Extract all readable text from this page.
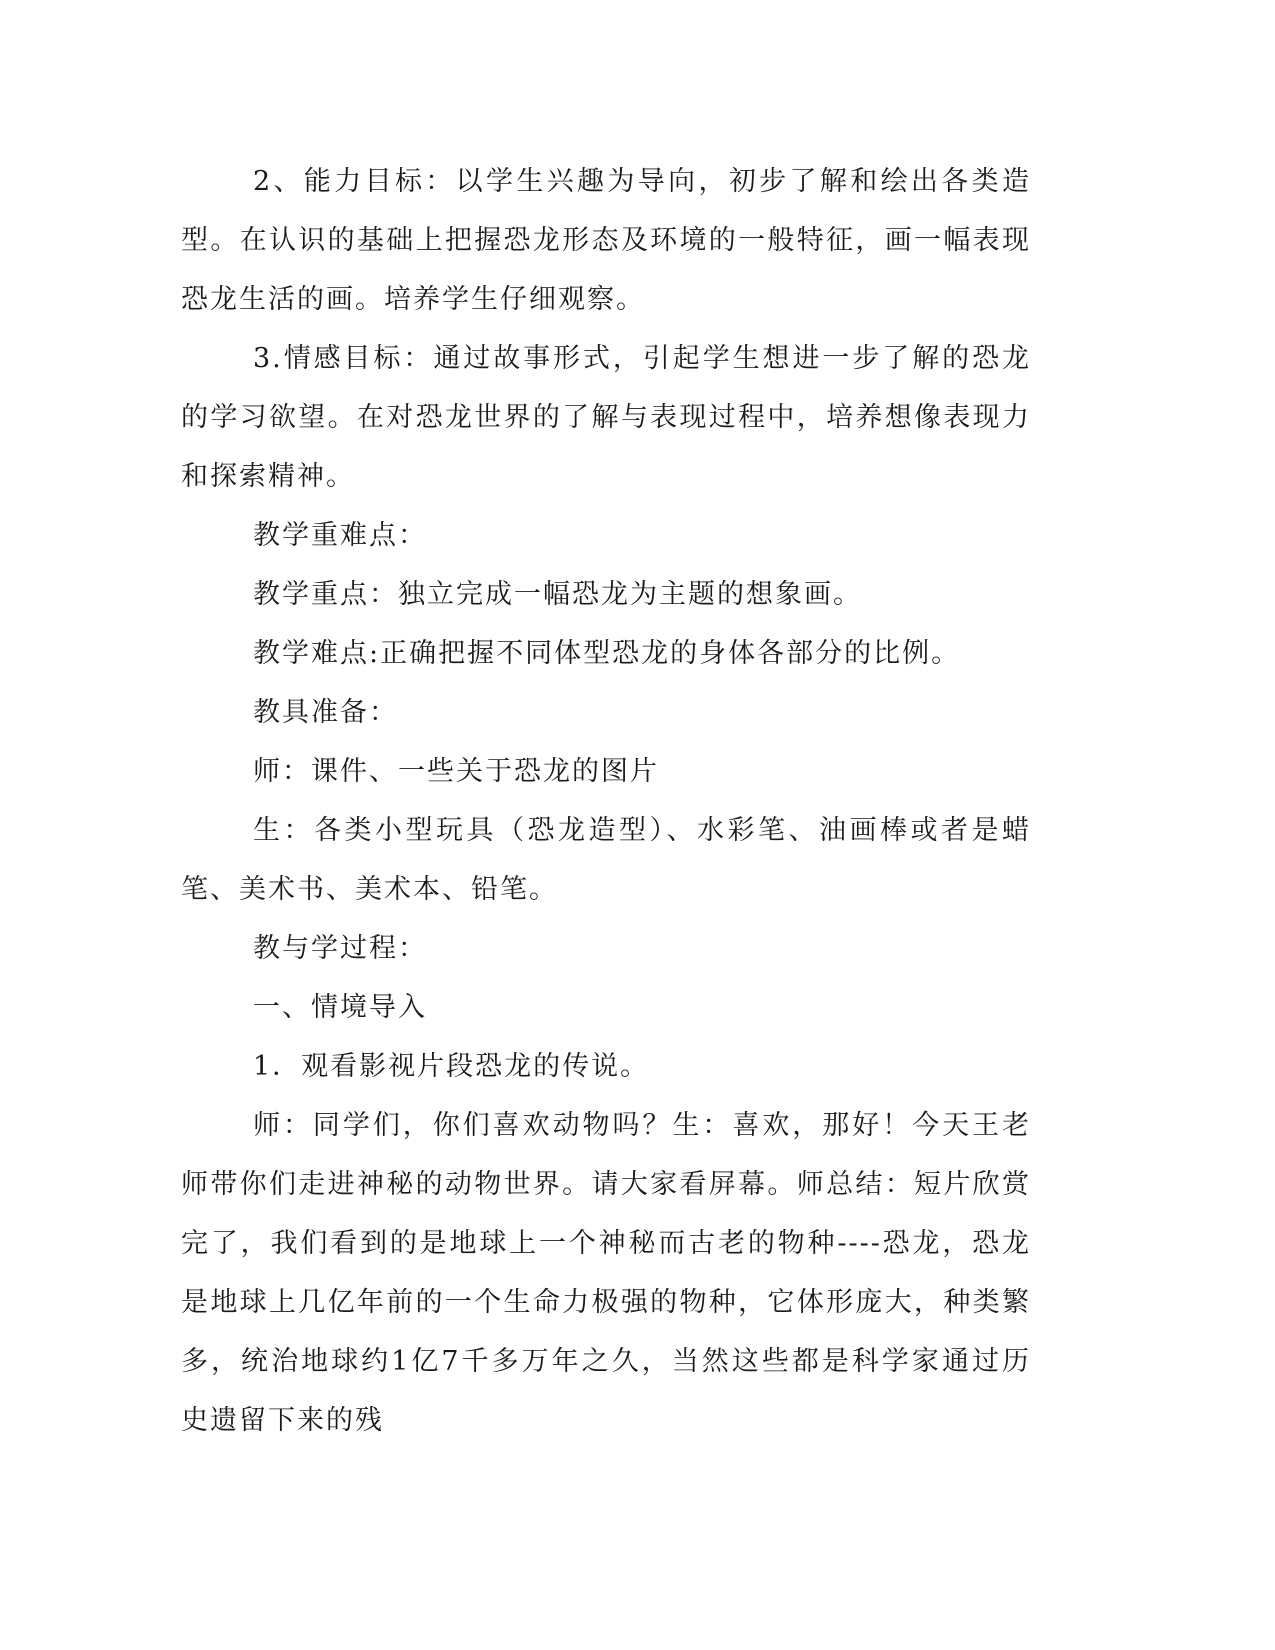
2、能力目标：以学生兴趣为导向，初步了解和绘出各类造型。在认识的基础上把握恐龙形态及环境的一般特征，画一幅表现恐龙生活的画。培养学生仔细观察。

3.情感目标：通过故事形式，引起学生想进一步了解的恐龙的学习欲望。在对恐龙世界的了解与表现过程中，培养想像表现力和探索精神。

教学重难点：

教学重点：独立完成一幅恐龙为主题的想象画。

教学难点:正确把握不同体型恐龙的身体各部分的比例。

教具准备：

师：课件、一些关于恐龙的图片

生：各类小型玩具（恐龙造型）、水彩笔、油画棒或者是蜡笔、美术书、美术本、铅笔。

教与学过程：

一、情境导入

1．观看影视片段恐龙的传说。

师：同学们，你们喜欢动物吗？生：喜欢，那好！今天王老师带你们走进神秘的动物世界。请大家看屏幕。师总结：短片欣赏完了，我们看到的是地球上一个神秘而古老的物种----恐龙，恐龙是地球上几亿年前的一个生命力极强的物种，它体形庞大，种类繁多，统治地球约1亿7千多万年之久，当然这些都是科学家通过历史遗留下来的残
